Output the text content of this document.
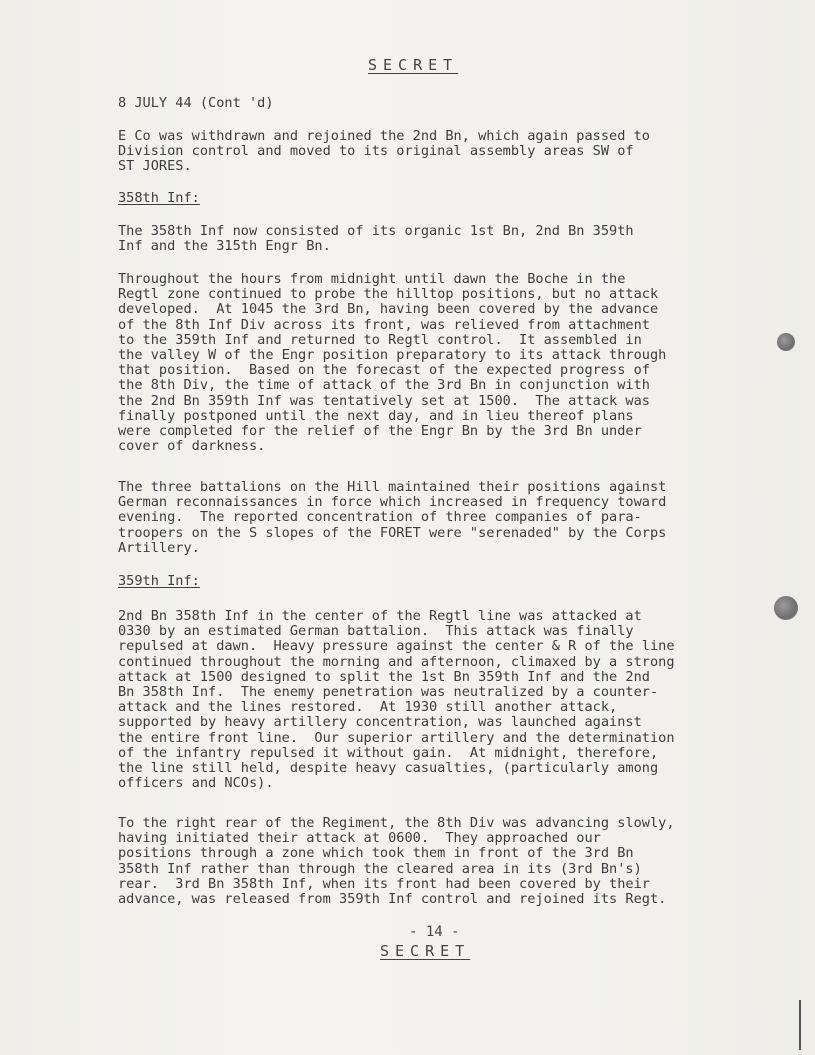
SECRET
8 JULY 44 (Cont 'd)
E Co was withdrawn and rejoined the 2nd Bn, which again passed to
Division control and moved to its original assembly areas SW of
ST JORES.
358th Inf:
The 358th Inf now consisted of its organic 1st Bn, 2nd Bn 359th
Inf and the 315th Engr Bn.
Throughout the hours from midnight until dawn the Boche in the
Regtl zone continued to probe the hilltop positions, but no attack
developed.  At 1045 the 3rd Bn, having been covered by the advance
of the 8th Inf Div across its front, was relieved from attachment
to the 359th Inf and returned to Regtl control.  It assembled in
the valley W of the Engr position preparatory to its attack through
that position.  Based on the forecast of the expected progress of
the 8th Div, the time of attack of the 3rd Bn in conjunction with
the 2nd Bn 359th Inf was tentatively set at 1500.  The attack was
finally postponed until the next day, and in lieu thereof plans
were completed for the relief of the Engr Bn by the 3rd Bn under
cover of darkness.
The three battalions on the Hill maintained their positions against
German reconnaissances in force which increased in frequency toward
evening.  The reported concentration of three companies of para-
troopers on the S slopes of the FORET were "serenaded" by the Corps
Artillery.
359th Inf:
2nd Bn 358th Inf in the center of the Regtl line was attacked at
0330 by an estimated German battalion.  This attack was finally
repulsed at dawn.  Heavy pressure against the center & R of the line
continued throughout the morning and afternoon, climaxed by a strong
attack at 1500 designed to split the 1st Bn 359th Inf and the 2nd
Bn 358th Inf.  The enemy penetration was neutralized by a counter-
attack and the lines restored.  At 1930 still another attack,
supported by heavy artillery concentration, was launched against
the entire front line.  Our superior artillery and the determination
of the infantry repulsed it without gain.  At midnight, therefore,
the line still held, despite heavy casualties, (particularly among
officers and NCOs).
To the right rear of the Regiment, the 8th Div was advancing slowly,
having initiated their attack at 0600.  They approached our
positions through a zone which took them in front of the 3rd Bn
358th Inf rather than through the cleared area in its (3rd Bn's)
rear.  3rd Bn 358th Inf, when its front had been covered by their
advance, was released from 359th Inf control and rejoined its Regt.
- 14 -
SECRET
